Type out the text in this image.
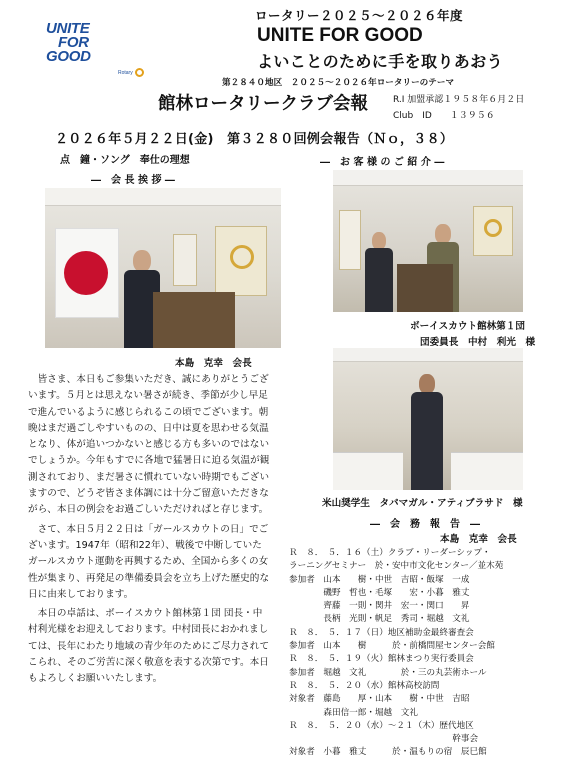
UNITE
FOR
GOOD
Rotary
ロータリー２０２５～２０２６年度
UNITE FOR GOOD
よいことのために手を取りあおう
第２８４０地区　２０２５～２０２６年ロータリーのテーマ
館林ロータリークラブ会報	R.I 加盟承認１９５８年６月２日
Club　ID　　１３９５６
２０２６年５月２２日(金)　第３２８０回例会報告（Ｎｏ，３８）
点　鐘・ソング　奉仕の理想
―　会 長 挨 拶 ―
本島　克幸　会長

　皆さま、本日もご参集いただき、誠にありがとうございます。５月とは思えない暑さが続き、季節が少し早足で進んでいるように感じられるこの頃でございます。朝晩はまだ過ごしやすいものの、日中は夏を思わせる気温となり、体が追いつかないと感じる方も多いのではないでしょうか。今年もすでに各地で猛暑日に迫る気温が観測されており、まだ暑さに慣れていない時期でもございますので、どうぞ皆さま体調には十分ご留意いただきながら、本日の例会をお過ごしいただければと存じます。

　さて、本日５月２２日は「ガールスカウトの日」でございます。1947年（昭和22年）、戦後で中断していたガールスカウト運動を再興するため、全国から多くの女性が集まり、再発足の準備委員会を立ち上げた歴史的な日に由来しております。

　本日の卓話は、ボーイスカウト館林第１団 団長・中村利光様をお迎えしております。中村団長におかれましては、長年にわたり地域の青少年のためにご尽力されてこられ、そのご労苦に深く敬意を表する次第です。本日もよろしくお願いいたします。

―　お 客 様 の ご 紹 介 ―
ボーイスカウト館林第１団
団委員長　中村　利光　様
米山奨学生　タパマガル・アティブラサド　様
―　会　務　報　告　―
本島　克幸　会長
Ｒ　８．　５．１６（土）クラブ・リーダーシップ・
ラーニングセミナー　於・安中市文化センター／並木苑
参加者　山本　　樹・中世　吉昭・飯塚　一成
　　　　磯野　哲也・毛塚　　宏・小暮　雅丈
　　　　齊藤　一則・関井　宏一・関口　　昇
　　　　長柄　光則・帆足　秀司・堀越　文礼
Ｒ　８．　５．１７（日）地区補助金最終審査会
参加者　山本　　樹　　　於・前橋問屋センター会館
Ｒ　８．　５．１９（火）館林まつり実行委員会
参加者　堀越　文礼　　　　於・三の丸芸術ホール
Ｒ　８．　５．２０（水）館林高校訪問
対象者　藤島　　厚・山本　　樹・中世　吉昭
　　　　森田信一郎・堀越　文礼
Ｒ　８．　５．２０（水）～２１（木）歴代地区
　　　　　　　　　　　　　　　　　　　幹事会
対象者　小暮　雅丈　　　於・温もりの宿　辰巳館
